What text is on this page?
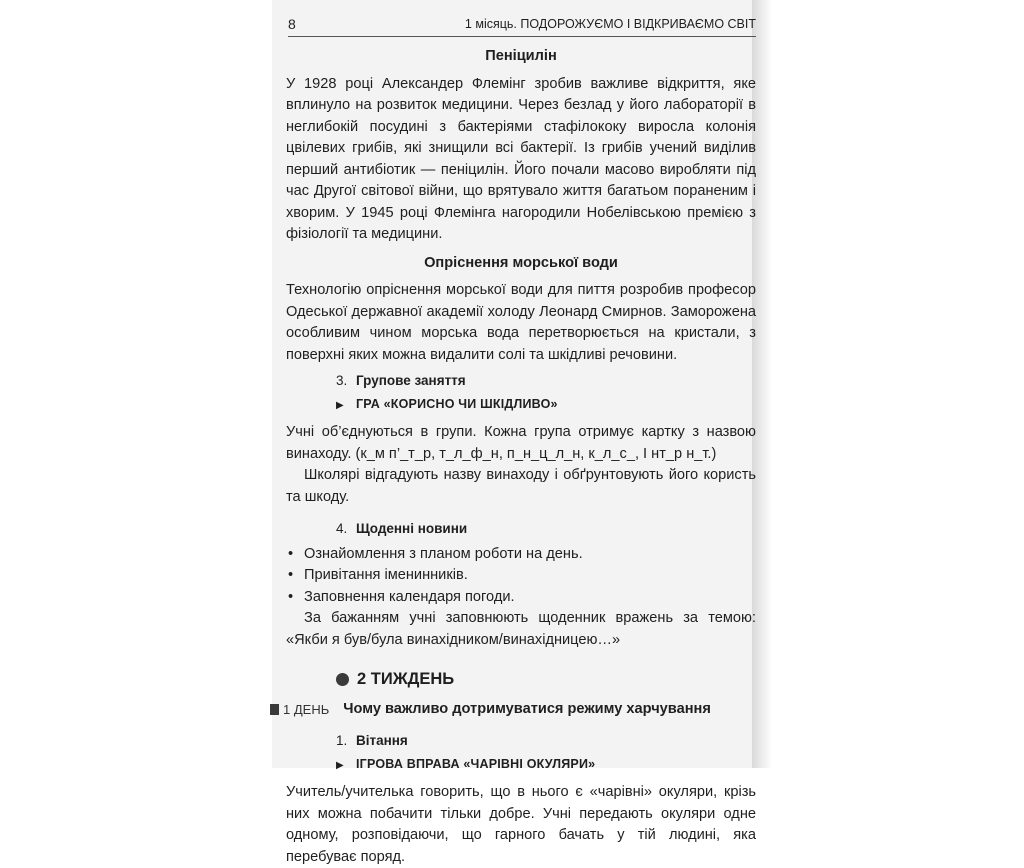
8	1 місяць. ПОДОРОЖУЄМО І ВІДКРИВАЄМО СВІТ
Пеніцилін

У 1928 році Александер Флемінг зробив важливе відкриття, яке вплинуло на розвиток медицини. Через безлад у його лабораторії в неглибокій посудині з бактеріями стафілококу виросла колонія цвілевих грибів, які знищили всі бактерії. Із грибів учений виділив перший антибіотик — пеніцилін. Його почали масово виробляти під час Другої світової війни, що врятувало життя багатьом пораненим і хворим. У 1945 році Флемінга нагородили Нобелівською премією з фізіології та медицини.

Опріснення морської води

Технологію опріснення морської води для пиття розробив професор Одеської державної академії холоду Леонард Смирнов. Заморожена особливим чином морська вода перетворюється на кристали, з поверхні яких можна видалити солі та шкідливі речовини.

3. Групове заняття
▶ ГРА «КОРИСНО ЧИ ШКІДЛИВО»

Учні об’єднуються в групи. Кожна група отримує картку з назвою винаходу. (к_м п’_т_р, т_л_ф_н, п_н_ц_л_н, к_л_с_, І нт_р н_т.)

Школярі відгадують назву винаходу і обґрунтовують його користь та шкоду.

4. Щоденні новини
• Ознайомлення з планом роботи на день.
• Привітання іменинників.
• Заповнення календаря погоди.

За бажанням учні заповнюють щоденник вражень за темою: «Якби я був/була винахідником/винахідницею…»

2 ТИЖДЕНЬ
1 ДЕНЬ Чому важливо дотримуватися режиму харчування
1. Вітання
▶ ІГРОВА ВПРАВА «ЧАРІВНІ ОКУЛЯРИ»

Учитель/учителька говорить, що в нього є «чарівні» окуляри, крізь них можна побачити тільки добре. Учні передають окуляри одне одному, розповідаючи, що гарного бачать у тій людині, яка перебуває поряд.
